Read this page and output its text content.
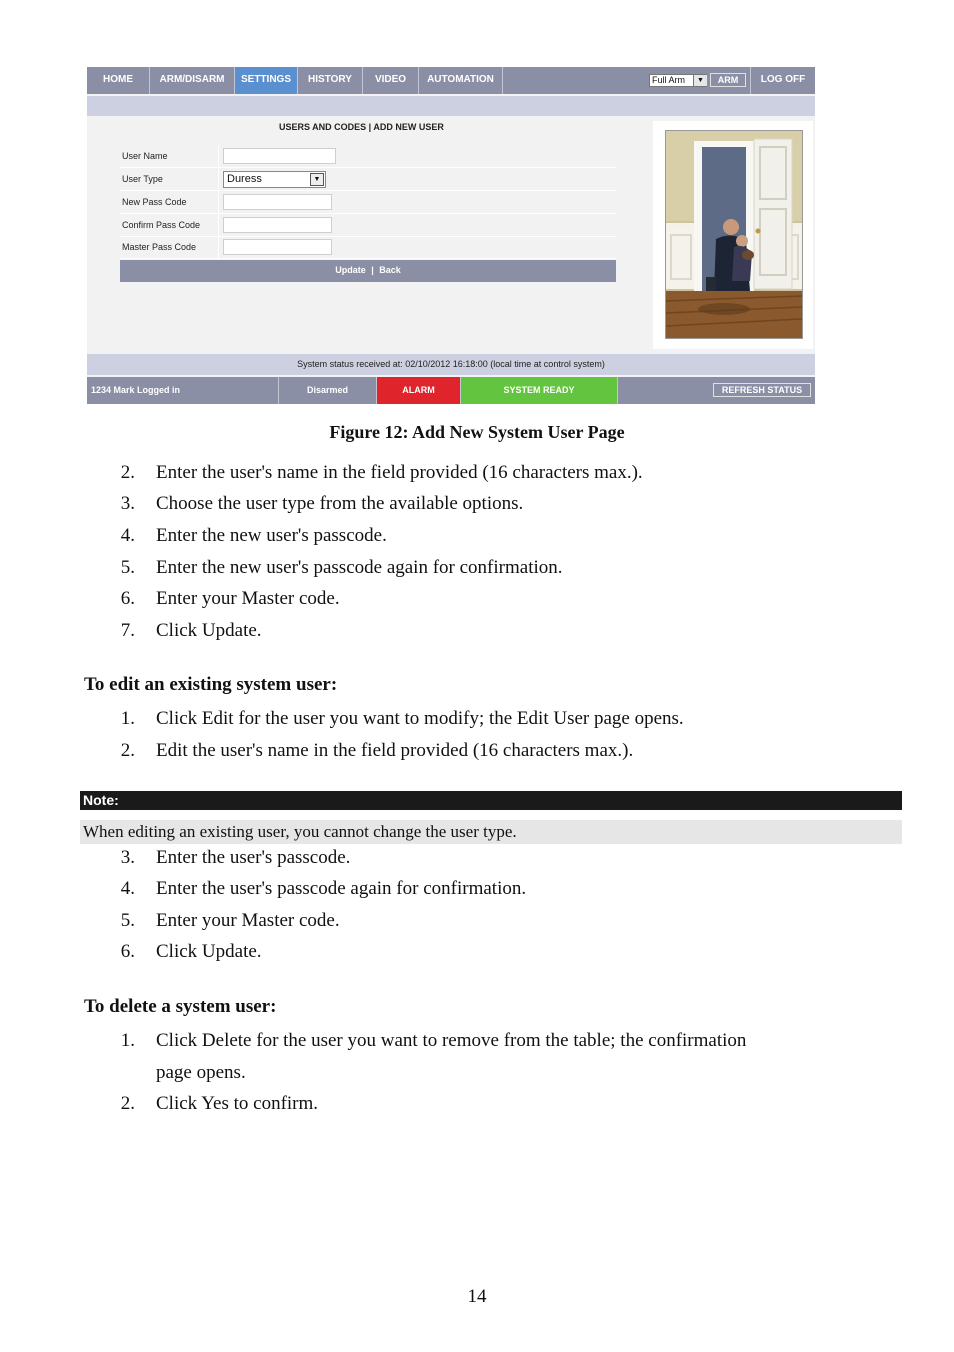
HOME	ARM/DISARM	SETTINGS	HISTORY	VIDEO	AUTOMATION	Full Arm	▼	ARM	LOG OFF
USERS AND CODES | ADD NEW USER
User Name
User Type	Duress	▼
New Pass Code
Confirm Pass Code
Master Pass Code
Update | Back
System status received at: 02/10/2012 16:18:00 (local time at control system)
1234 Mark Logged in	Disarmed	ALARM	SYSTEM READY	REFRESH STATUS
Figure 12: Add New System User Page
2. Enter the user's name in the field provided (16 characters max.).
3. Choose the user type from the available options.
4. Enter the new user's passcode.
5. Enter the new user's passcode again for confirmation.
6. Enter your Master code.
7. Click Update.
To edit an existing system user:
1. Click Edit for the user you want to modify; the Edit User page opens.
2. Edit the user's name in the field provided (16 characters max.).
Note:
When editing an existing user, you cannot change the user type.
3. Enter the user's passcode.
4. Enter the user's passcode again for confirmation.
5. Enter your Master code.
6. Click Update.
To delete a system user:
1. Click Delete for the user you want to remove from the table; the confirmation
page opens.
2. Click Yes to confirm.
14
